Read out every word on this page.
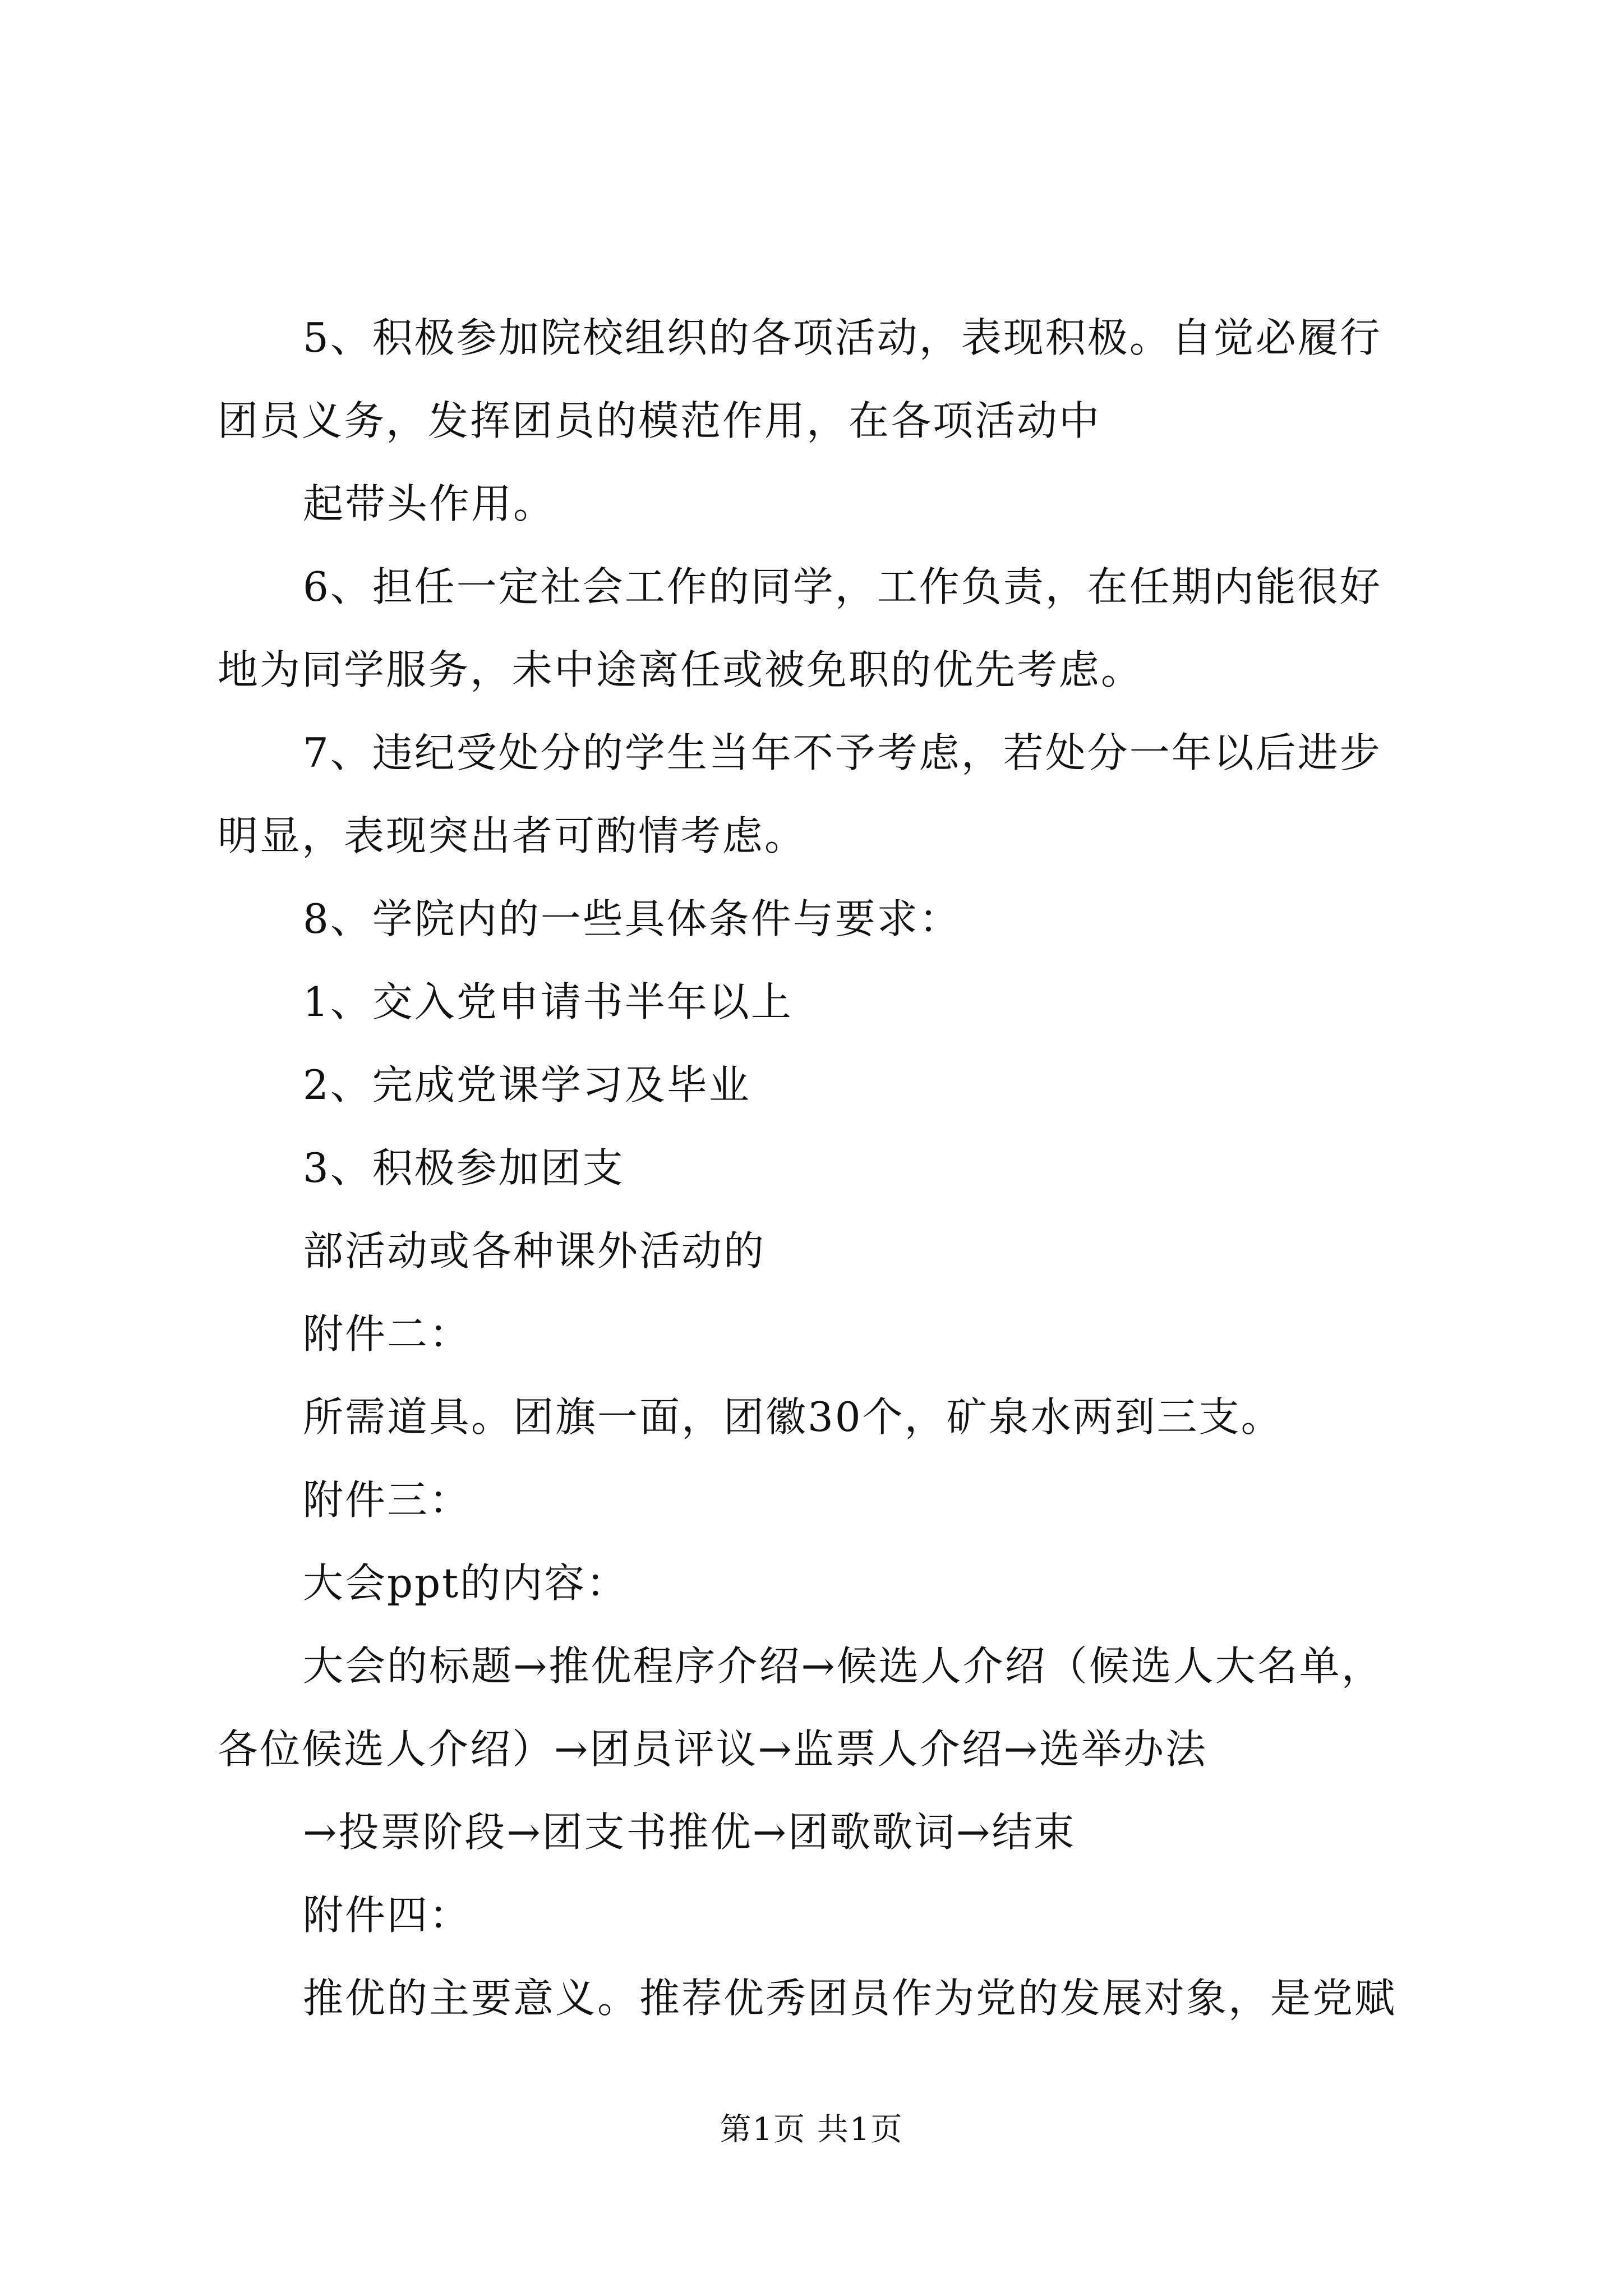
5、积极参加院校组织的各项活动，表现积极。自觉必履行

团员义务，发挥团员的模范作用，在各项活动中

起带头作用。

6、担任一定社会工作的同学，工作负责，在任期内能很好

地为同学服务，未中途离任或被免职的优先考虑。

7、违纪受处分的学生当年不予考虑，若处分一年以后进步

明显，表现突出者可酌情考虑。

8、学院内的一些具体条件与要求：

1、交入党申请书半年以上

2、完成党课学习及毕业

3、积极参加团支

部活动或各种课外活动的

附件二：

所需道具。团旗一面，团徽30个，矿泉水两到三支。

附件三：

大会ppt的内容：

大会的标题→推优程序介绍→候选人介绍（候选人大名单，

各位候选人介绍）→团员评议→监票人介绍→选举办法

→投票阶段→团支书推优→团歌歌词→结束

附件四：

推优的主要意义。推荐优秀团员作为党的发展对象，是党赋

第1页 共1页
